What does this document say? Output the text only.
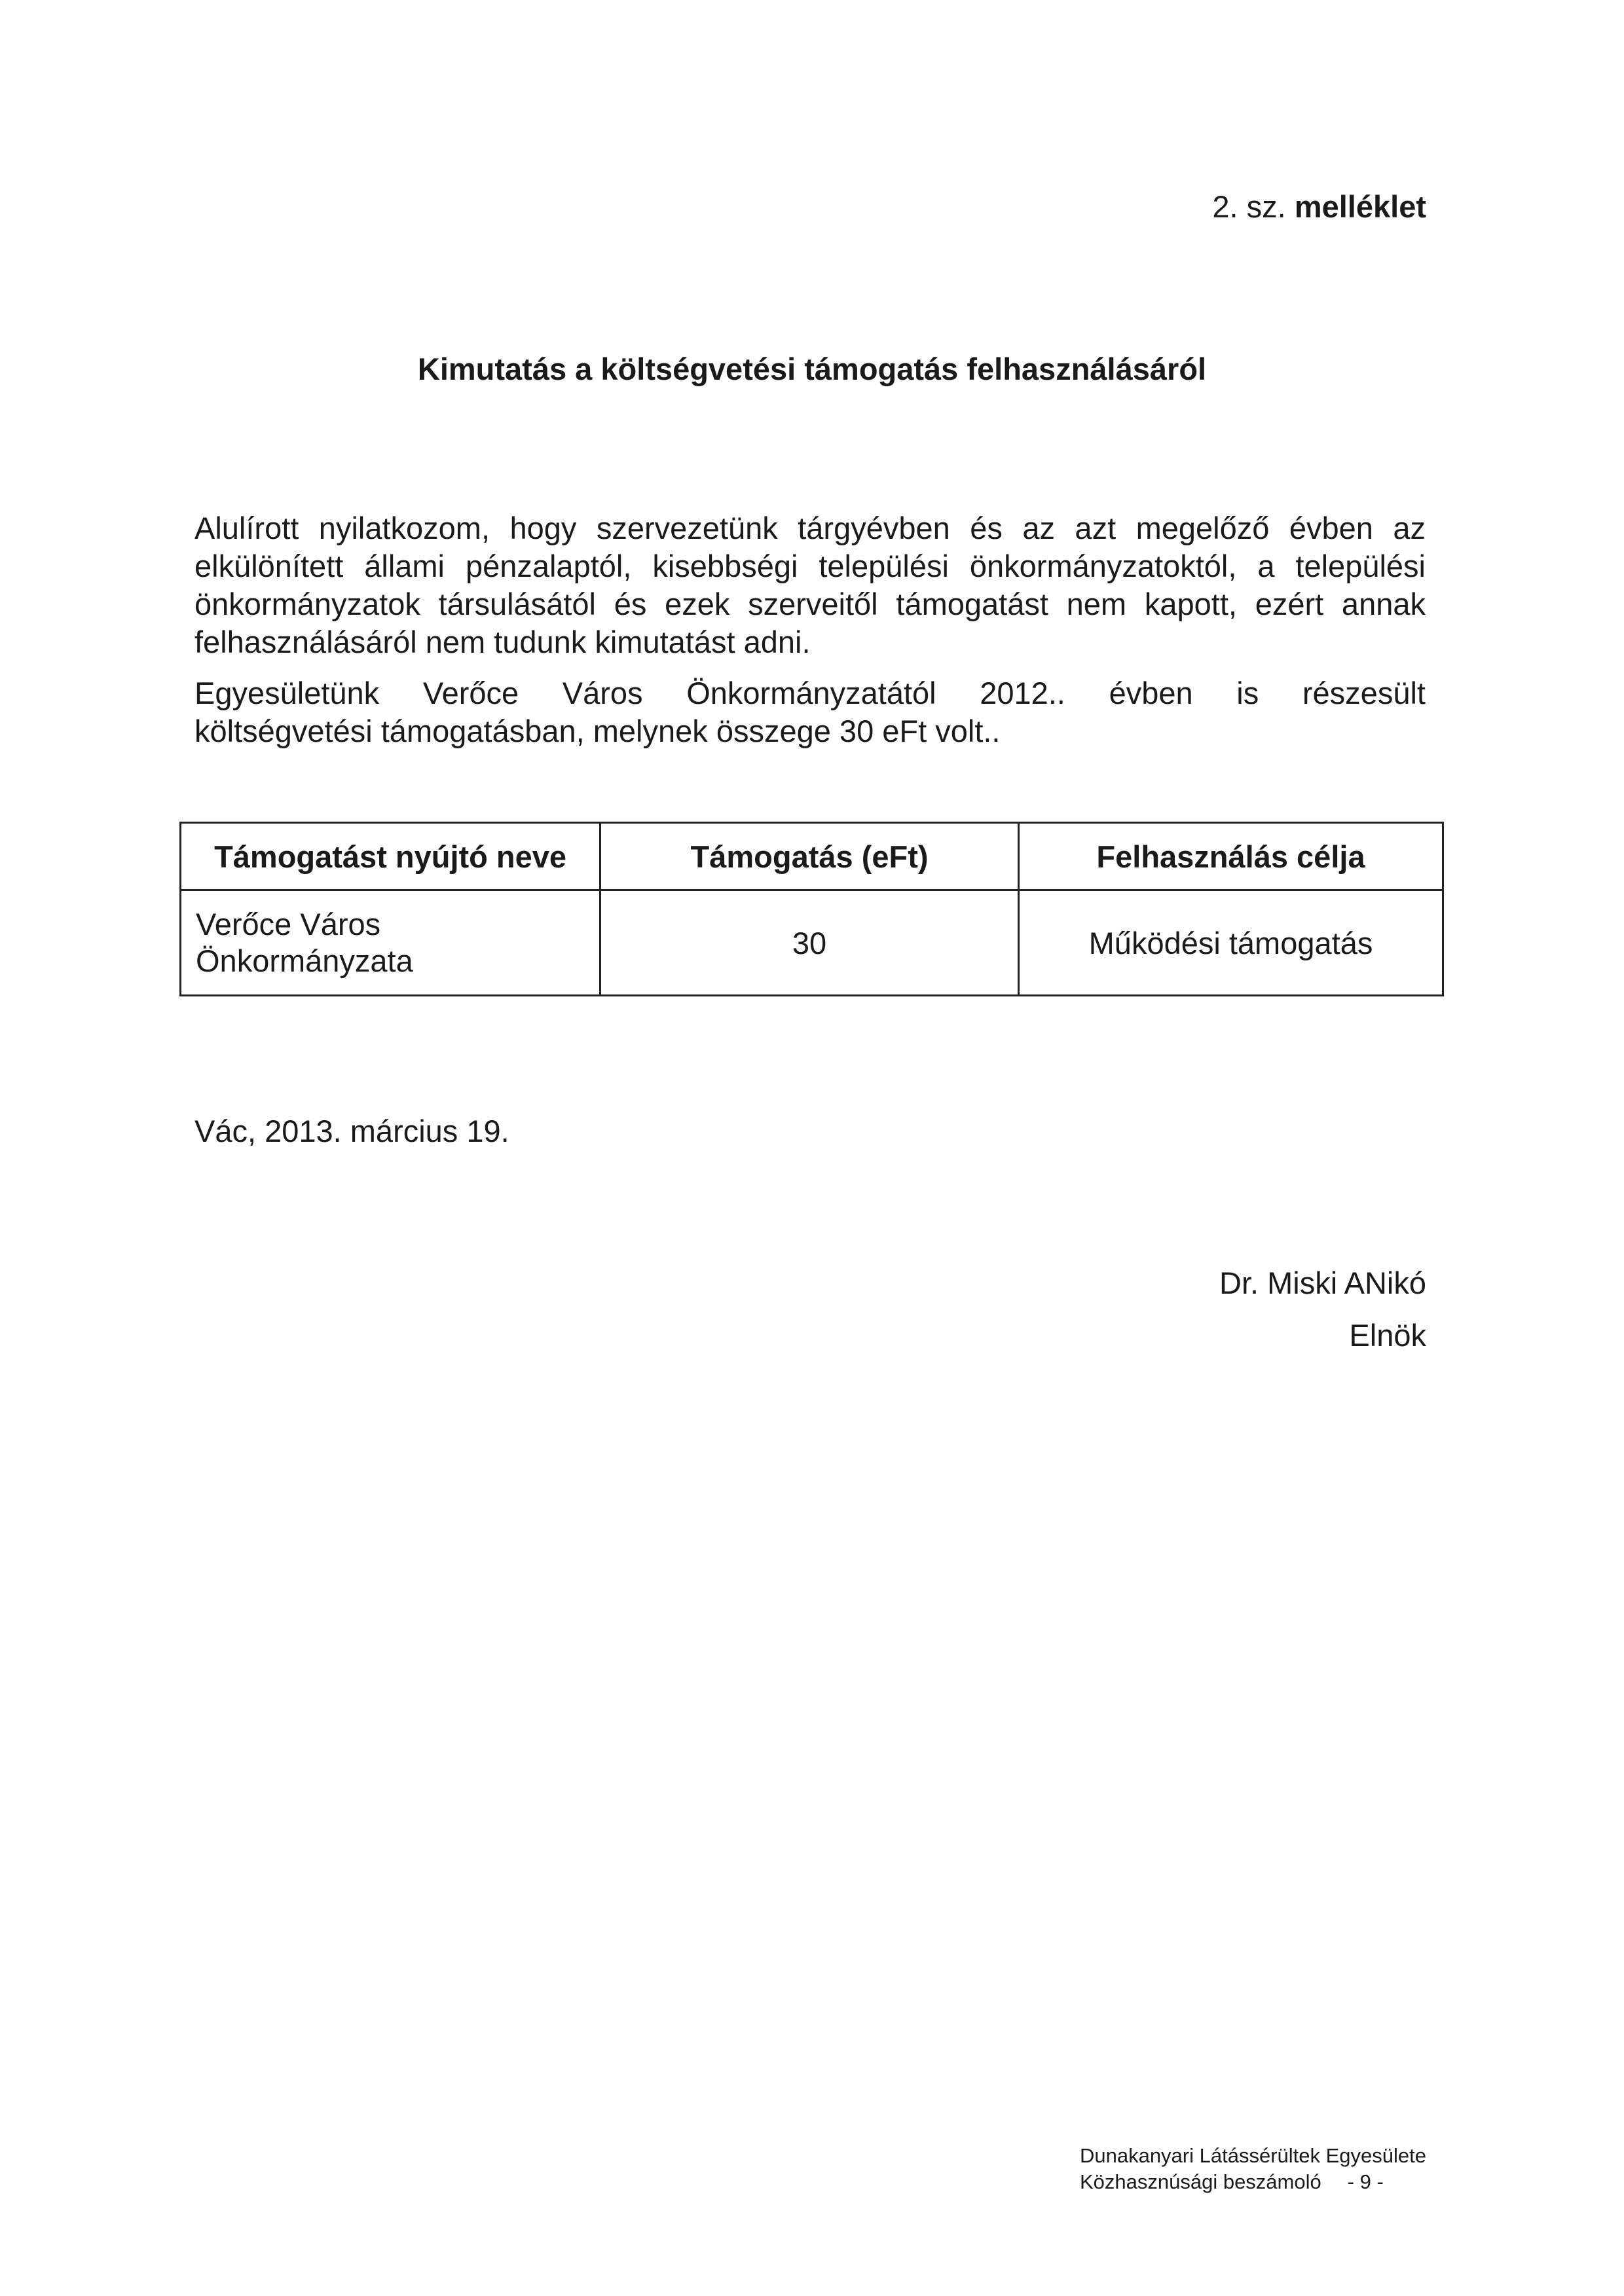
2. sz. melléklet
Kimutatás a költségvetési támogatás felhasználásáról
Alulírott nyilatkozom, hogy szervezetünk tárgyévben és az azt megelőző évben az elkülönített állami pénzalaptól, kisebbségi települési önkormányzatoktól, a települési önkormányzatok társulásától és ezek szerveitől támogatást nem kapott, ezért annak felhasználásáról nem tudunk kimutatást adni.
Egyesületünk Verőce Város Önkormányzatától 2012.. évben is részesült
költségvetési támogatásban, melynek összege 30 eFt volt..
Támogatást nyújtó neve	Támogatás (eFt)	Felhasználás célja

Verőce Város
Önkormányzata	30	Működési támogatás
Vác, 2013. március 19.
Dr. Miski ANikó
Elnök
Dunakanyari Látássérültek Egyesülete
Közhasznúsági beszámoló - 9 -
